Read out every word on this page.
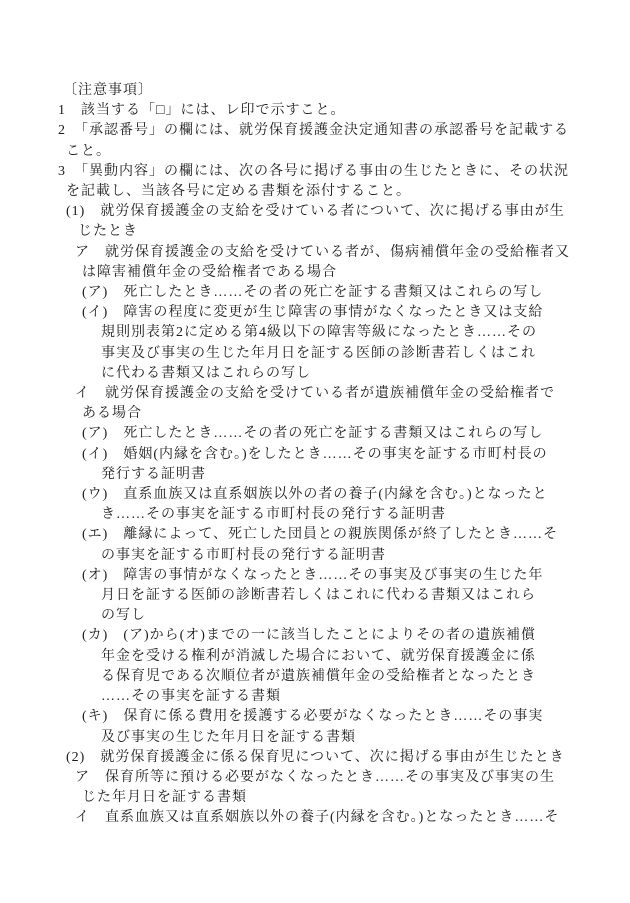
〔注意事項〕
1　該当する「□」には、レ印で示すこと。
2　「承認番号」の欄には、就労保育援護金決定通知書の承認番号を記載する
こと。
3　「異動内容」の欄には、次の各号に掲げる事由の生じたときに、その状況
を記載し、当該各号に定める書類を添付すること。
(1)　就労保育援護金の支給を受けている者について、次に掲げる事由が生
じたとき
ア　就労保育援護金の支給を受けている者が、傷病補償年金の受給権者又
は障害補償年金の受給権者である場合
(ア)　死亡したとき……その者の死亡を証する書類又はこれらの写し
(イ)　障害の程度に変更が生じ障害の事情がなくなったとき又は支給
規則別表第2に定める第4級以下の障害等級になったとき……その
事実及び事実の生じた年月日を証する医師の診断書若しくはこれ
に代わる書類又はこれらの写し
イ　就労保育援護金の支給を受けている者が遺族補償年金の受給権者で
ある場合
(ア)　死亡したとき……その者の死亡を証する書類又はこれらの写し
(イ)　婚姻(内縁を含む。)をしたとき……その事実を証する市町村長の
発行する証明書
(ウ)　直系血族又は直系姻族以外の者の養子(内縁を含む。)となったと
き……その事実を証する市町村長の発行する証明書
(エ)　離縁によって、死亡した団員との親族関係が終了したとき……そ
の事実を証する市町村長の発行する証明書
(オ)　障害の事情がなくなったとき……その事実及び事実の生じた年
月日を証する医師の診断書若しくはこれに代わる書類又はこれら
の写し
(カ)　(ア)から(オ)までの一に該当したことによりその者の遺族補償
年金を受ける権利が消滅した場合において、就労保育援護金に係
る保育児である次順位者が遺族補償年金の受給権者となったとき
……その事実を証する書類
(キ)　保育に係る費用を援護する必要がなくなったとき……その事実
及び事実の生じた年月日を証する書類
(2)　就労保育援護金に係る保育児について、次に掲げる事由が生じたとき
ア　保育所等に預ける必要がなくなったとき……その事実及び事実の生
じた年月日を証する書類
イ　直系血族又は直系姻族以外の養子(内縁を含む。)となったとき……そ
